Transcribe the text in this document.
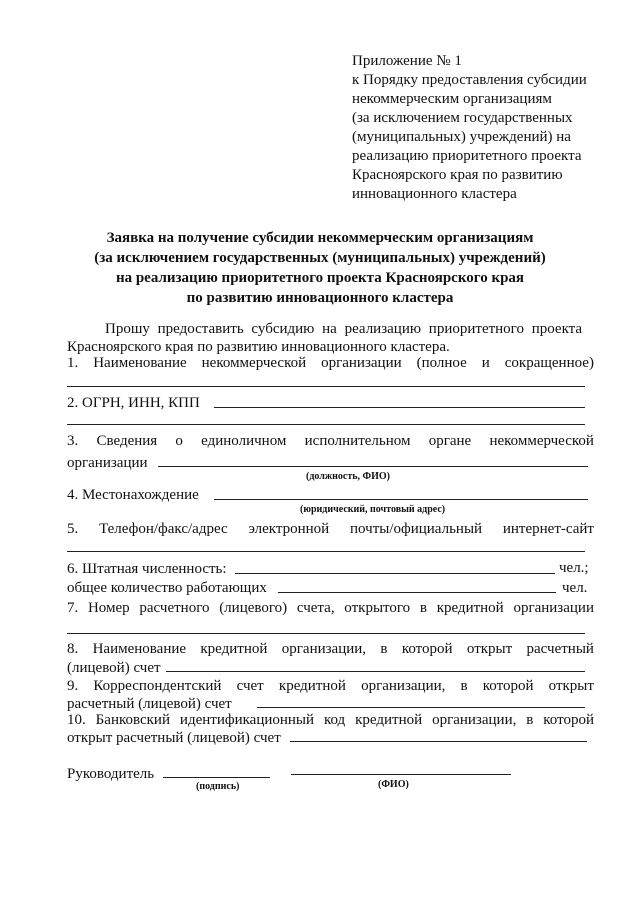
Приложение № 1
к Порядку предоставления субсидии
некоммерческим организациям
(за исключением государственных
(муниципальных) учреждений) на
реализацию приоритетного проекта
Красноярского края по развитию
инновационного кластера
Заявка на получение субсидии некоммерческим организациям
(за исключением государственных (муниципальных) учреждений)
на реализацию приоритетного проекта Красноярского края
по развитию инновационного кластера
Прошу предоставить субсидию на реализацию приоритетного проекта
Красноярского края по развитию инновационного кластера.
1. Наименование некоммерческой организации (полное и сокращенное)
2. ОГРН, ИНН, КПП
3. Сведения о единоличном исполнительном органе некоммерческой
организации
(должность, ФИО)
4. Местонахождение
(юридический, почтовый адрес)
5. Телефон/факс/адрес электронной почты/официальный интернет-сайт
6. Штатная численность:	чел.;
общее количество работающих	чел.
7. Номер расчетного (лицевого) счета, открытого в кредитной организации
8. Наименование кредитной организации, в которой открыт расчетный
(лицевой) счет
9. Корреспондентский счет кредитной организации, в которой открыт
расчетный (лицевой) счет
10. Банковский идентификационный код кредитной организации, в которой
открыт расчетный (лицевой) счет
Руководитель
(подпись)	(ФИО)
